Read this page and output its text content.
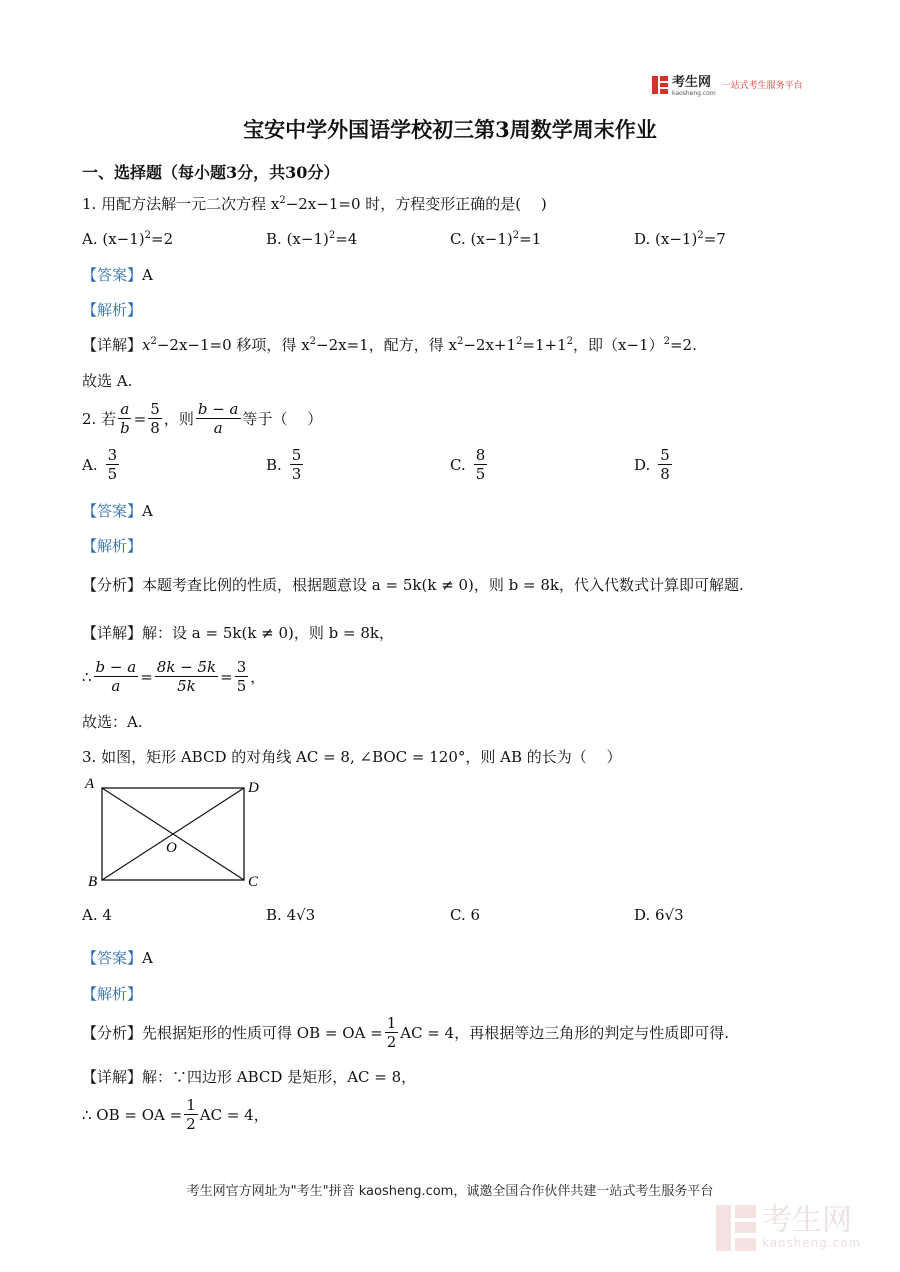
考生网
kaosheng.com
一站式考生服务平台
宝安中学外国语学校初三第3周数学周末作业
一、选择题（每小题3分，共30分）
1. 用配方法解一元二次方程 $x^2-2x-1=0$ 时，方程变形正确的是(　 )
A. $(x-1)^2=2$	B. $(x-1)^2=4$	C. $(x-1)^2=1$	D. $(x-1)^2=7$
【答案】A
【解析】
【详解】$x^2-2x-1=0$ 移项，得 $x^2-2x=1$，配方，得 $x^2-2x+1^2=1+1^2$，即$(x-1)^2=2$.
故选 A.
2. 若 $\frac{a}{b} = \frac{5}{8}$ ，则 $\frac{b - a}{a}$ 等于（　 ）
A. $\frac{3}{5}$	B. $\frac{5}{3}$	C. $\frac{8}{5}$	D. $\frac{5}{8}$
【答案】A
【解析】
【分析】本题考查比例的性质，根据题意设 a = 5k(k ≠ 0)，则 b = 8k，代入代数式计算即可解题.
【详解】解：设 a = 5k(k ≠ 0)，则 b = 8k，
∴ $\frac{b - a}{a} = \frac{8k - 5k}{5k} = \frac{3}{5}$ ，
故选：A.
3. 如图，矩形 ABCD 的对角线 AC = 8, ∠BOC = 120°，则 AB 的长为（　 ）
A	D
B	C
O
A. 4	B. 4√3	C. 6	D. 6√3
【答案】A
【解析】
【分析】 先根据矩形的性质可得 OB = OA = $\frac{1}{2}$ AC = 4，再根据等边三角形的判定与性质即可得.
【详解】解：∵四边形 ABCD 是矩形，AC = 8，
∴ OB = OA = $\frac{1}{2}$ AC = 4，
考生网官方网址为"考生"拼音 kaosheng.com，诚邀全国合作伙伴共建一站式考生服务平台
考生网
kaosheng.com
